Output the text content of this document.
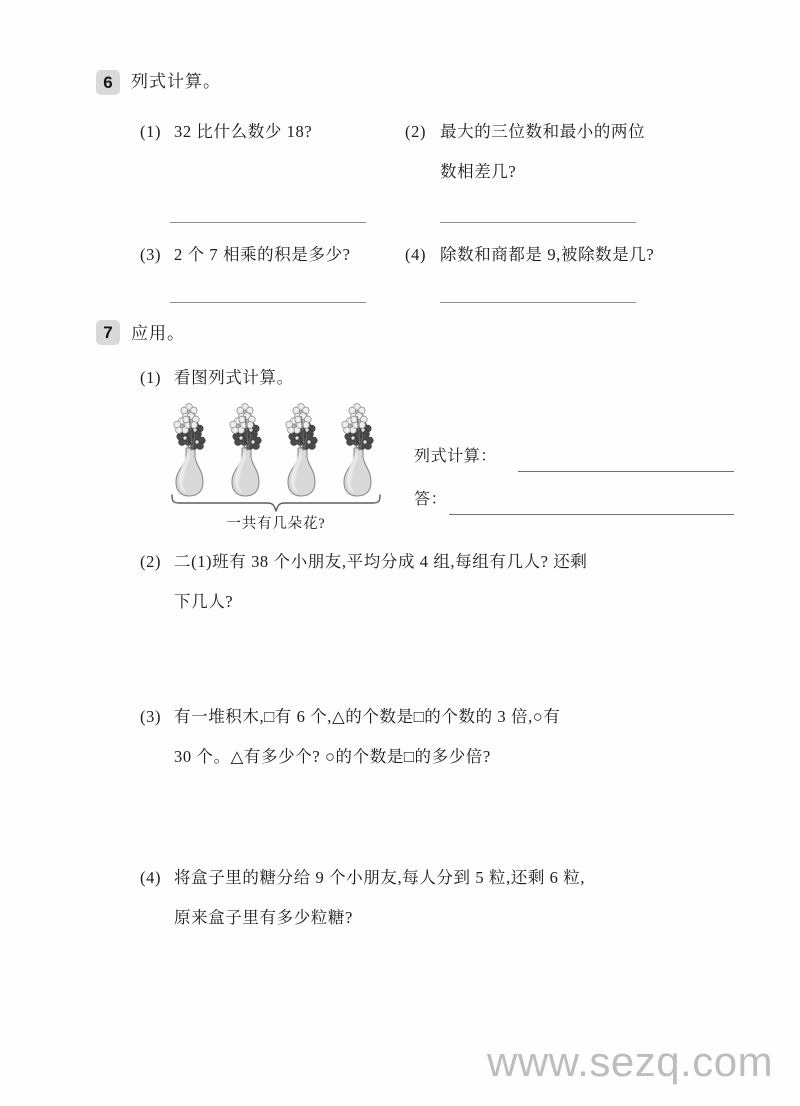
6	列式计算。
(1) 32 比什么数少 18?	(2) 最大的三位数和最小的两位
数相差几?
(3) 2 个 7 相乘的积是多少?	(4) 除数和商都是 9,被除数是几?
7	应用。
(1) 看图列式计算。
一共有几朵花?
列式计算：
答：
(2) 二(1)班有 38 个小朋友,平均分成 4 组,每组有几人? 还剩
下几人?
(3) 有一堆积木,□有 6 个,△的个数是□的个数的 3 倍,○有
30 个。△有多少个? ○的个数是□的多少倍?
(4) 将盒子里的糖分给 9 个小朋友,每人分到 5 粒,还剩 6 粒,
原来盒子里有多少粒糖?
www.sezq.com
